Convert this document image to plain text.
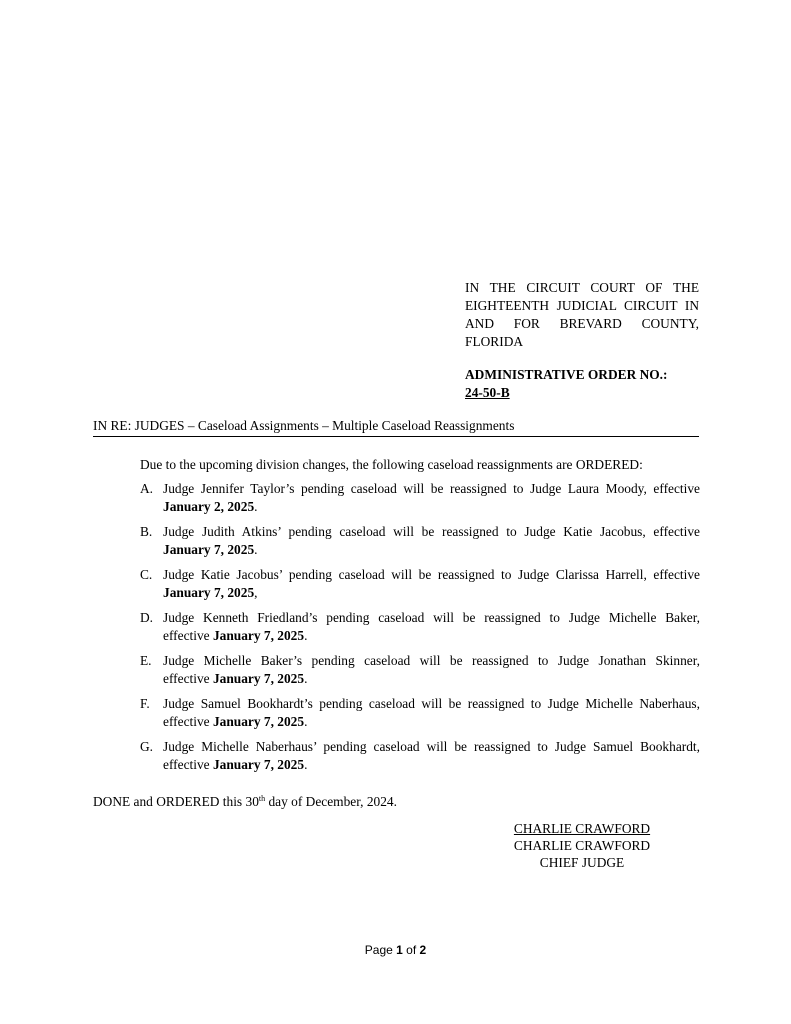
IN THE CIRCUIT COURT OF THE
EIGHTEENTH JUDICIAL CIRCUIT IN
AND FOR BREVARD COUNTY,
FLORIDA
ADMINISTRATIVE ORDER NO.:
24-50-B
IN RE: JUDGES – Caseload Assignments – Multiple Caseload Reassignments
Due to the upcoming division changes, the following caseload reassignments are ORDERED:
A. Judge Jennifer Taylor’s pending caseload will be reassigned to Judge Laura Moody, effective
January 2, 2025.
B. Judge Judith Atkins’ pending caseload will be reassigned to Judge Katie Jacobus, effective
January 7, 2025.
C. Judge Katie Jacobus’ pending caseload will be reassigned to Judge Clarissa Harrell, effective
January 7, 2025,
D. Judge Kenneth Friedland’s pending caseload will be reassigned to Judge Michelle Baker,
effective January 7, 2025.
E. Judge Michelle Baker’s pending caseload will be reassigned to Judge Jonathan Skinner,
effective January 7, 2025.
F. Judge Samuel Bookhardt’s pending caseload will be reassigned to Judge Michelle Naberhaus,
effective January 7, 2025.
G. Judge Michelle Naberhaus’ pending caseload will be reassigned to Judge Samuel Bookhardt,
effective January 7, 2025.
DONE and ORDERED this 30th day of December, 2024.
CHARLIE CRAWFORD
CHARLIE CRAWFORD
CHIEF JUDGE
Page 1 of 2
